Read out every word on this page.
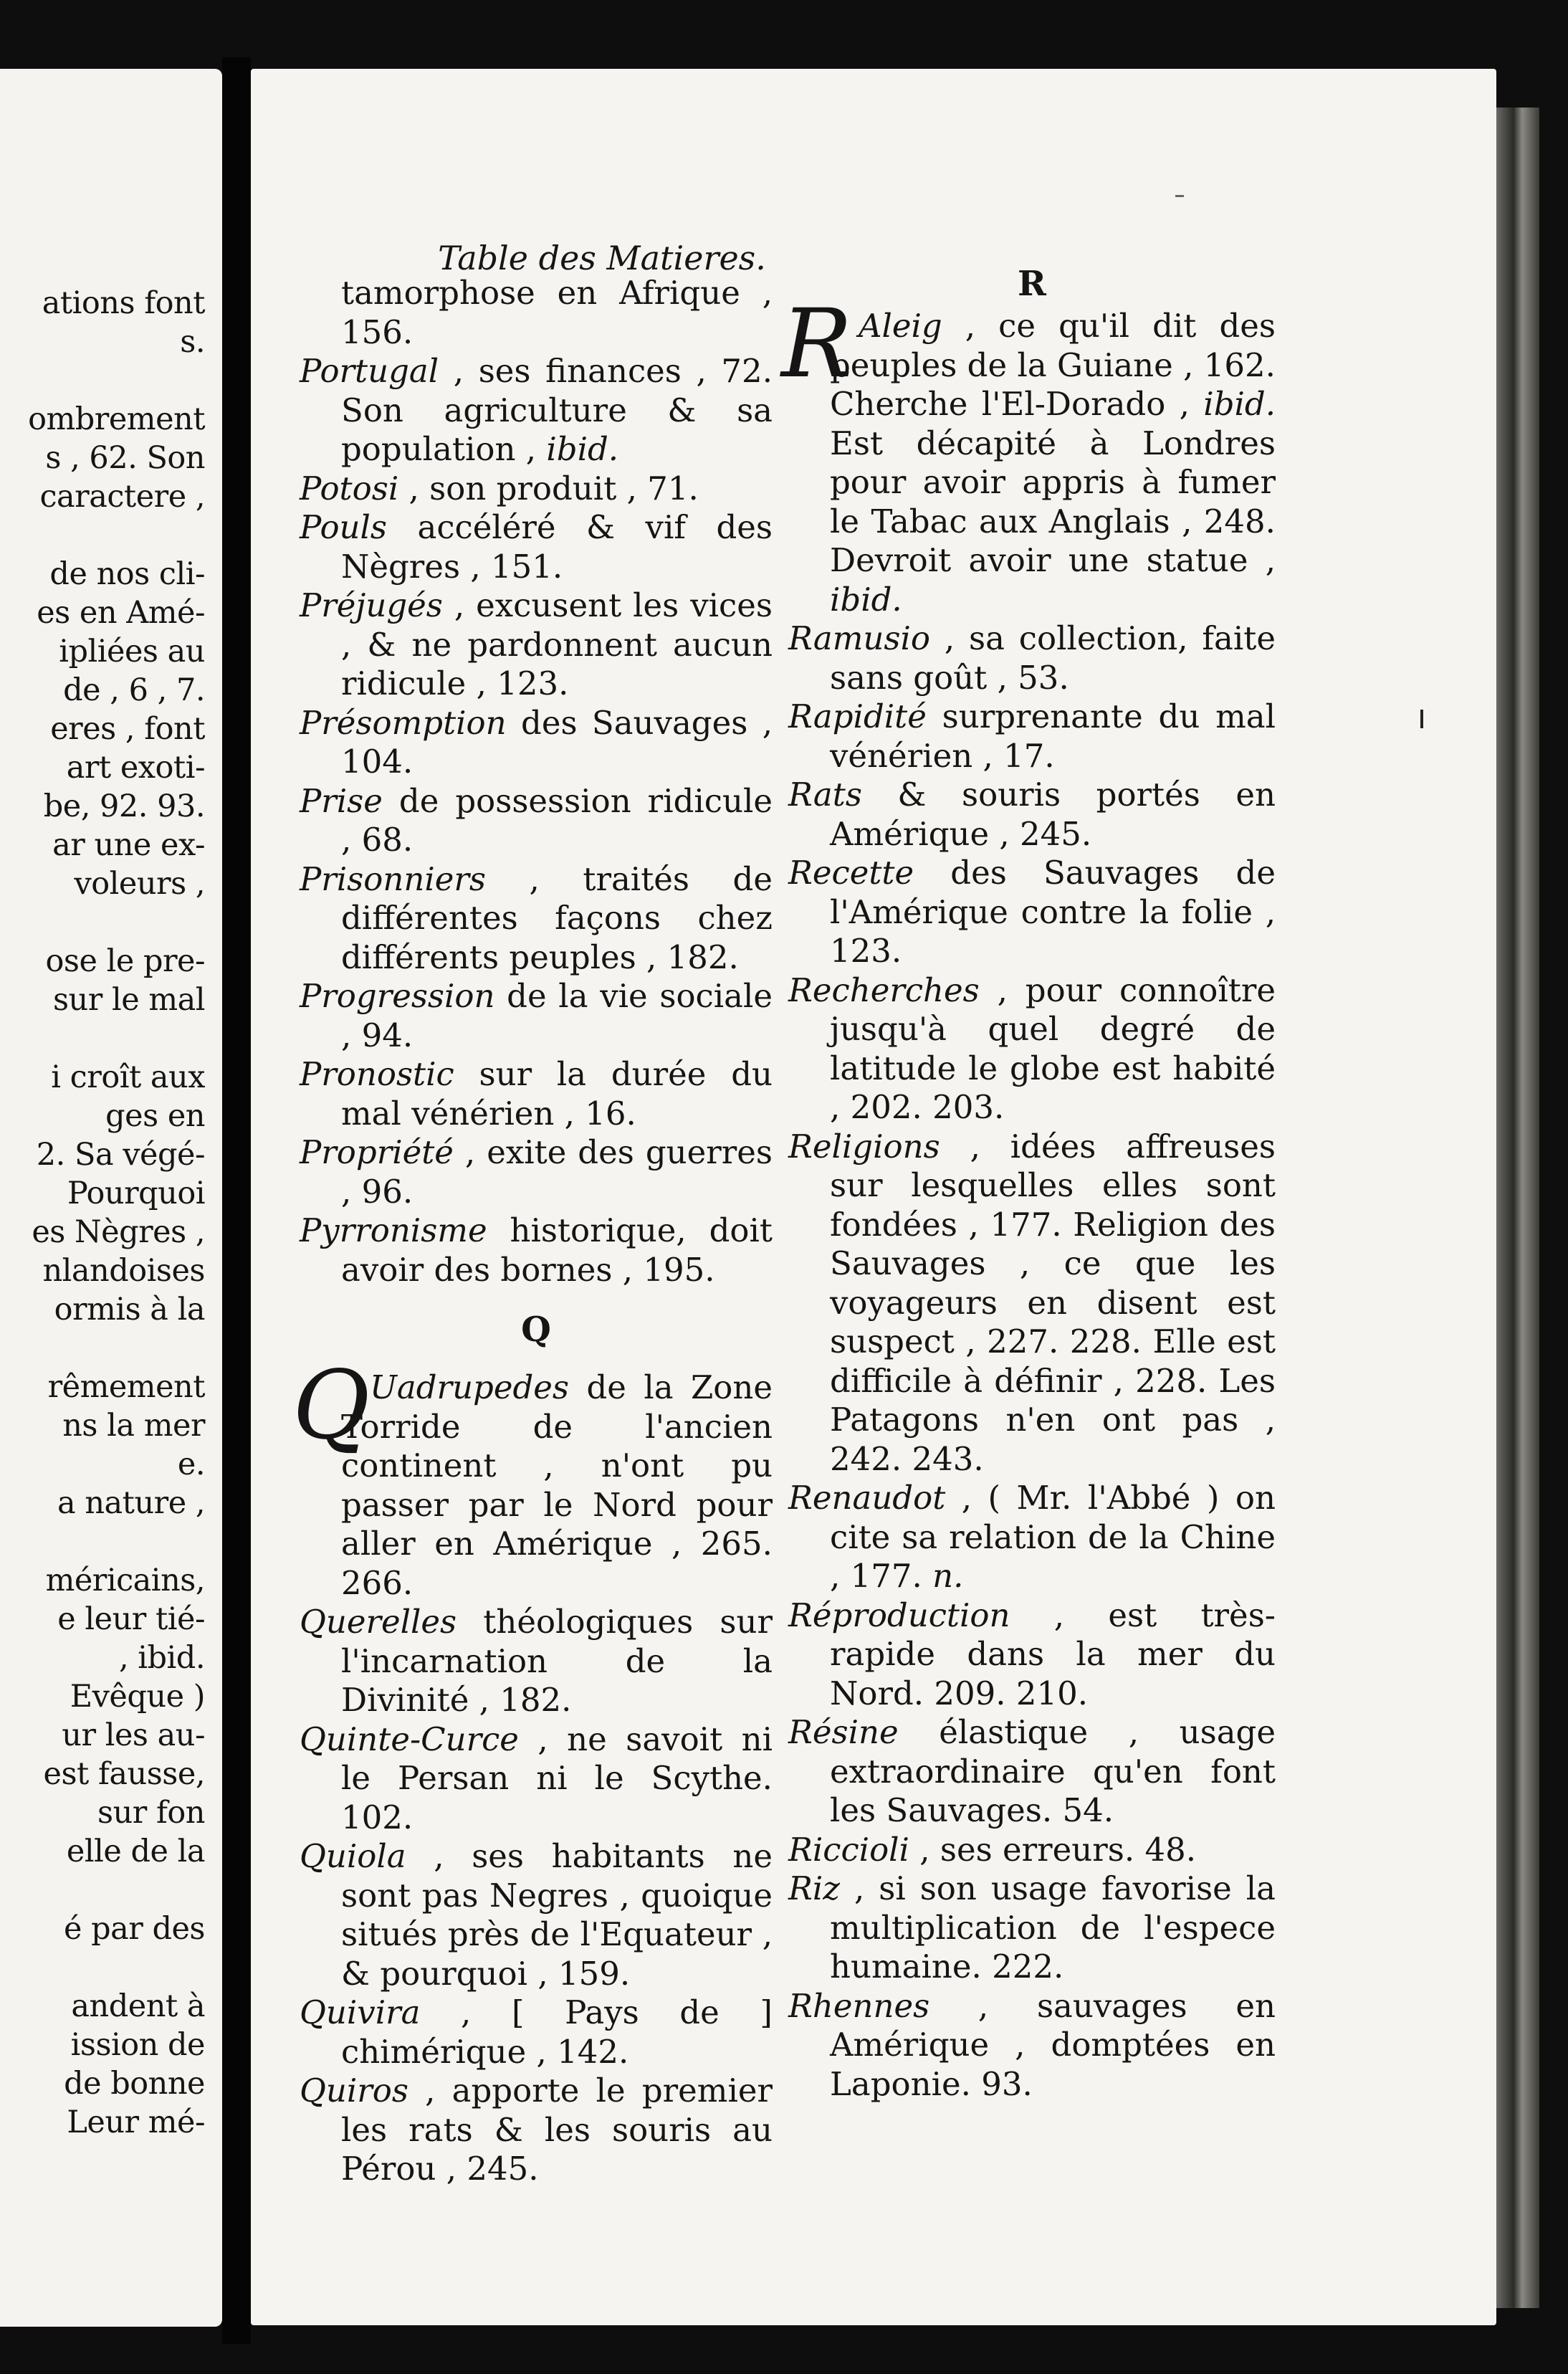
ations font
s.
ombrement
s , 62. Son
caractere ,
de nos cli-
es en Amé-
ipliées au
de , 6 , 7.
eres , font
art exoti-
be, 92. 93.
ar une ex-
voleurs ,
ose le pre-
sur le mal
i croît aux
ges en
2. Sa végé-
Pourquoi
es Nègres ,
nlandoises
ormis à la
rêmement
ns la mer
e.
a nature ,
méricains,
e leur tié-
, ibid.
Evêque )
ur les au-
est fausse,
sur fon
elle de la
é par des
andent à
ission de
de bonne
Leur mé-
Table des Matieres.

tamorphose en Afrique , 156.

Portugal , ses finances , 72. Son agriculture & sa population , ibid.

Potosi , son produit , 71.

Pouls accéléré & vif des Nègres , 151.

Préjugés , excusent les vices , & ne pardonnent aucun ridicule , 123.

Présomption des Sauvages , 104.

Prise de possession ridicule , 68.

Prisonniers , traités de différentes façons chez différents peuples , 182.

Progression de la vie sociale , 94.

Pronostic sur la durée du mal vénérien , 16.

Propriété , exite des guerres , 96.

Pyrronisme historique, doit avoir des bornes , 195.

Q

Q Uadrupedes de la Zone Torride de l'ancien continent , n'ont pu passer par le Nord pour aller en Amérique , 265. 266.

Querelles théologiques sur l'incarnation de la Divinité , 182.

Quinte-Curce , ne savoit ni le Persan ni le Scythe. 102.

Quiola , ses habitants ne sont pas Negres , quoique situés près de l'Equateur , & pourquoi , 159.

Quivira , [ Pays de ] chimérique , 142.

Quiros , apporte le premier les rats & les souris au Pérou , 245.

R

R Aleig , ce qu'il dit des peuples de la Guiane , 162. Cherche l'El-Dorado , ibid. Est décapité à Londres pour avoir appris à fumer le Tabac aux Anglais , 248. Devroit avoir une statue , ibid.

Ramusio , sa collection, faite sans goût , 53.

Rapidité surprenante du mal vénérien , 17.

Rats & souris portés en Amérique , 245.

Recette des Sauvages de l'Amérique contre la folie , 123.

Recherches , pour connoître jusqu'à quel degré de latitude le globe est habité , 202. 203.

Religions , idées affreuses sur lesquelles elles sont fondées , 177. Religion des Sauvages , ce que les voyageurs en disent est suspect , 227. 228. Elle est difficile à définir , 228. Les Patagons n'en ont pas , 242. 243.

Renaudot , ( Mr. l'Abbé ) on cite sa relation de la Chine , 177. n.

Réproduction , est très-rapide dans la mer du Nord. 209. 210.

Résine élastique , usage extraordinaire qu'en font les Sauvages. 54.

Riccioli , ses erreurs. 48.

Riz , si son usage favorise la multiplication de l'espece humaine. 222.

Rhennes , sauvages en Amérique , domptées en Laponie. 93.
